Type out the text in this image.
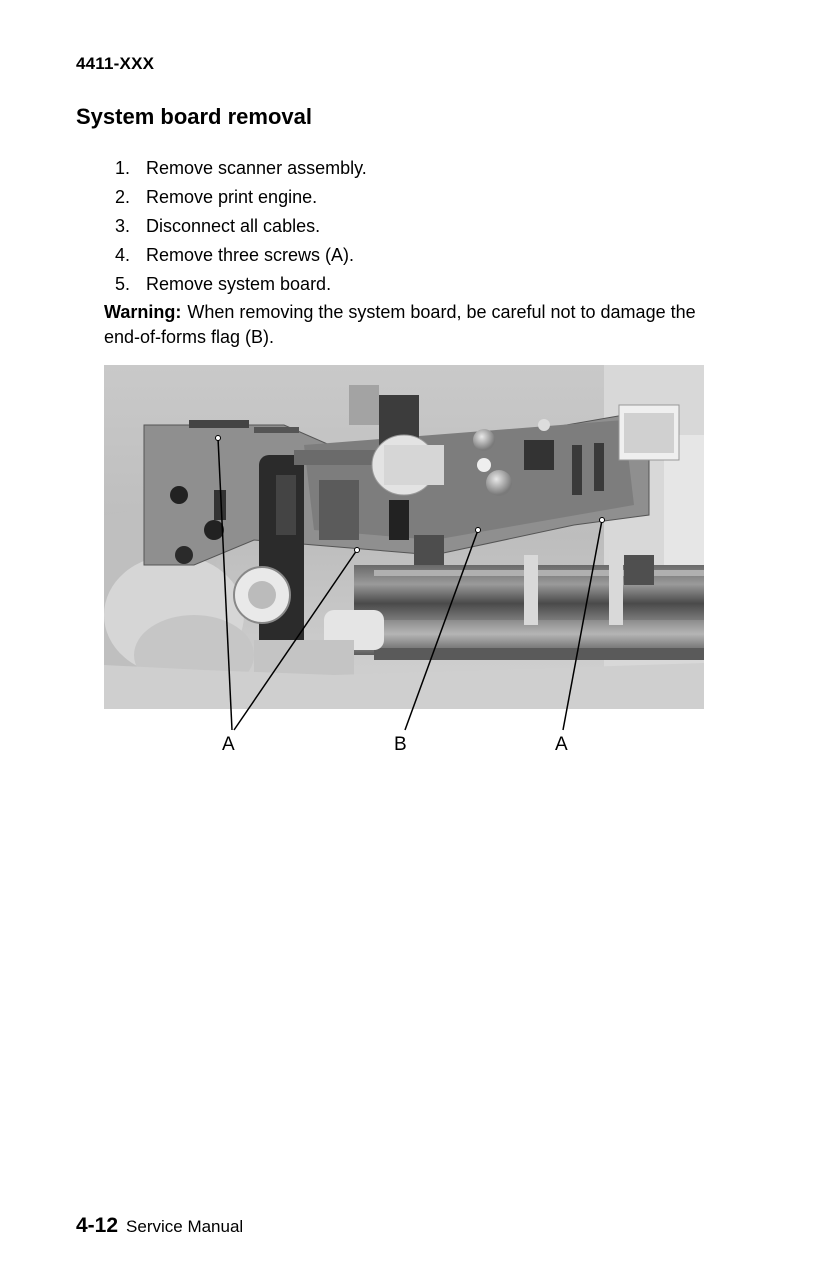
4411-XXX
System board removal
1. Remove scanner assembly.
2. Remove print engine.
3. Disconnect all cables.
4. Remove three screws (A).
5. Remove system board.

Warning: When removing the system board, be careful not to damage the end-of-forms flag (B).

A	B	A
4-12 Service Manual
